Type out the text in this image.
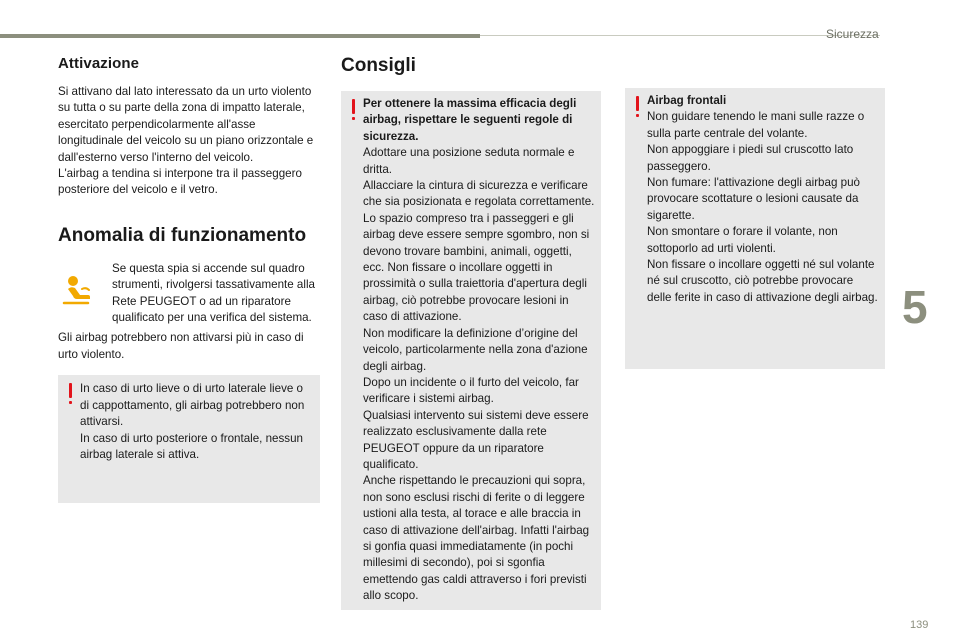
Sicurezza
Attivazione

Si attivano dal lato interessato da un urto violento su tutta o su parte della zona di impatto laterale, esercitato perpendicolarmente all'asse longitudinale del veicolo su un piano orizzontale e dall'esterno verso l'interno del veicolo.

L'airbag a tendina si interpone tra il passeggero posteriore del veicolo e il vetro.

Anomalia di funzionamento
Se questa spia si accende sul quadro strumenti, rivolgersi tassativamente alla Rete PEUGEOT o ad un riparatore qualificato per una verifica del sistema.

Gli airbag potrebbero non attivarsi più in caso di urto violento.

In caso di urto lieve o di urto laterale lieve o di cappottamento, gli airbag potrebbero non attivarsi.

In caso di urto posteriore o frontale, nessun airbag laterale si attiva.

Consigli

Per ottenere la massima efficacia degli airbag, rispettare le seguenti regole di sicurezza.

Adottare una posizione seduta normale e dritta.

Allacciare la cintura di sicurezza e verificare che sia posizionata e regolata correttamente.

Lo spazio compreso tra i passeggeri e gli airbag deve essere sempre sgombro, non si devono trovare bambini, animali, oggetti, ecc. Non fissare o incollare oggetti in prossimità o sulla traiettoria d'apertura degli airbag, ciò potrebbe provocare lesioni in caso di attivazione.

Non modificare la definizione d’origine del veicolo, particolarmente nella zona d'azione degli airbag.

Dopo un incidente o il furto del veicolo, far verificare i sistemi airbag.

Qualsiasi intervento sui sistemi deve essere realizzato esclusivamente dalla rete PEUGEOT oppure da un riparatore qualificato.

Anche rispettando le precauzioni qui sopra, non sono esclusi rischi di ferite o di leggere ustioni alla testa, al torace e alle braccia in caso di attivazione dell'airbag. Infatti l'airbag si gonfia quasi immediatamente (in pochi millesimi di secondo), poi si sgonfia emettendo gas caldi attraverso i fori previsti allo scopo.

Airbag frontali

Non guidare tenendo le mani sulle razze o sulla parte centrale del volante.

Non appoggiare i piedi sul cruscotto lato passeggero.

Non fumare: l'attivazione degli airbag può provocare scottature o lesioni causate da sigarette.

Non smontare o forare il volante, non sottoporlo ad urti violenti.

Non fissare o incollare oggetti né sul volante né sul cruscotto, ciò potrebbe provocare delle ferite in caso di attivazione degli airbag. 5
139
